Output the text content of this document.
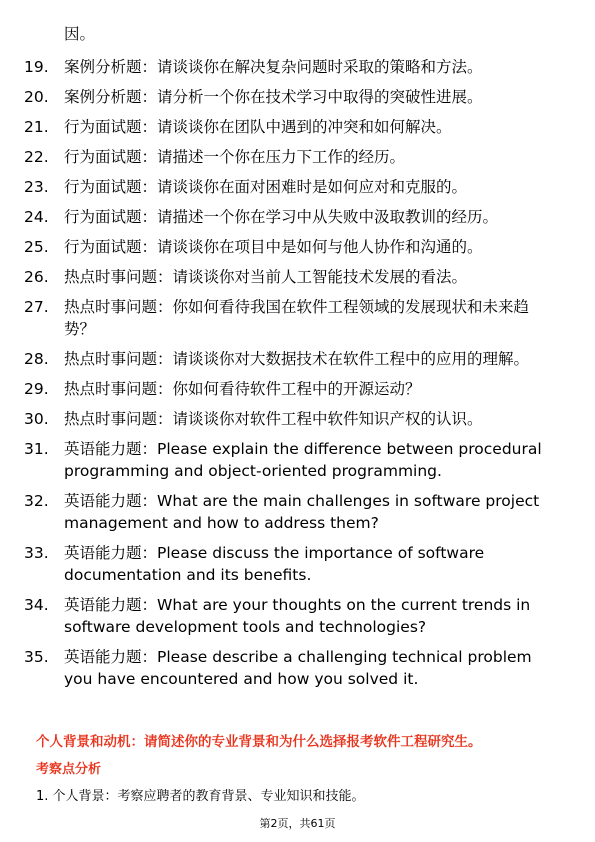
因。
19. 案例分析题：请谈谈你在解决复杂问题时采取的策略和方法。
20. 案例分析题：请分析一个你在技术学习中取得的突破性进展。
21. 行为面试题：请谈谈你在团队中遇到的冲突和如何解决。
22. 行为面试题：请描述一个你在压力下工作的经历。
23. 行为面试题：请谈谈你在面对困难时是如何应对和克服的。
24. 行为面试题：请描述一个你在学习中从失败中汲取教训的经历。
25. 行为面试题：请谈谈你在项目中是如何与他人协作和沟通的。
26. 热点时事问题：请谈谈你对当前人工智能技术发展的看法。
27. 热点时事问题：你如何看待我国在软件工程领域的发展现状和未来趋势？
28. 热点时事问题：请谈谈你对大数据技术在软件工程中的应用的理解。
29. 热点时事问题：你如何看待软件工程中的开源运动？
30. 热点时事问题：请谈谈你对软件工程中软件知识产权的认识。
31. 英语能力题：Please explain the difference between procedural programming and object-oriented programming.
32. 英语能力题：What are the main challenges in software project management and how to address them?
33. 英语能力题：Please discuss the importance of software documentation and its benefits.
34. 英语能力题：What are your thoughts on the current trends in software development tools and technologies?
35. 英语能力题：Please describe a challenging technical problem you have encountered and how you solved it.
个人背景和动机：请简述你的专业背景和为什么选择报考软件工程研究生。
考察点分析
1. 个人背景：考察应聘者的教育背景、专业知识和技能。
第2页，共61页
